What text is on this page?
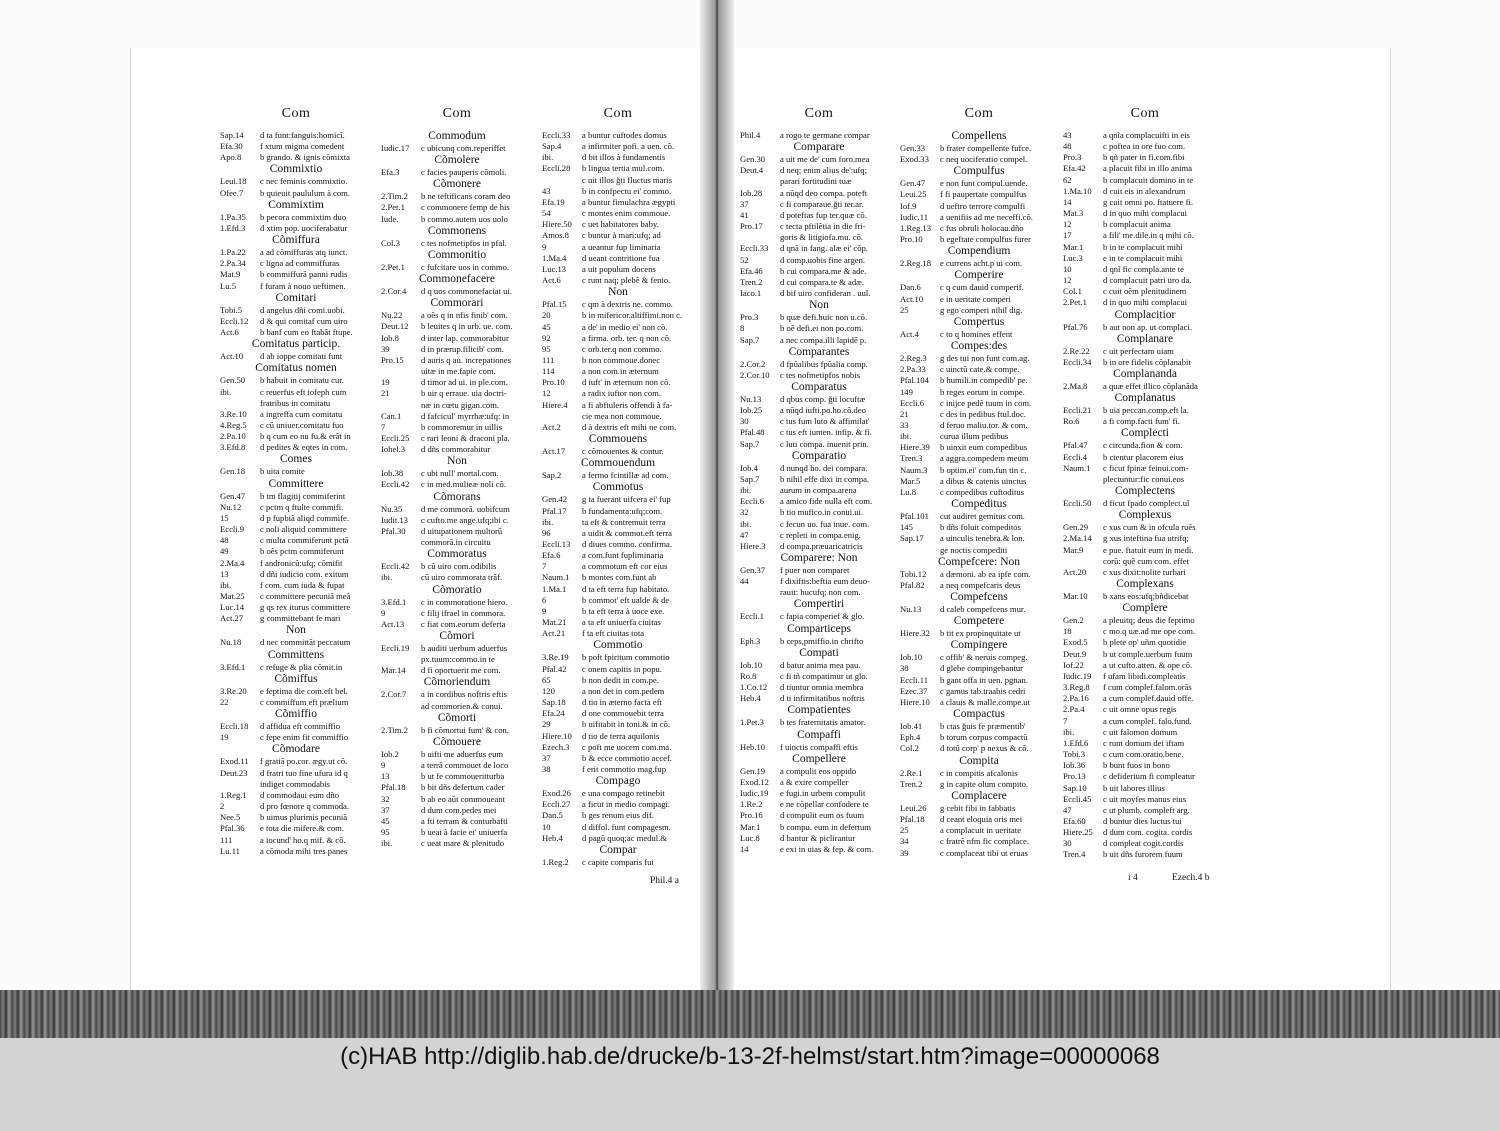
Com
Sap.14	d ta funt:fanguis:homicî.
Efa.30	f xtum migma comedent
Apo.8	b grando. & ignis cõmixta
Commixtio
Leui.18	c nec feminis commixtio.
Ofee.7	b quieuit paululum à com.
Commixtim
1.Pa.35	b pecora commixtim duo
1.Efd.3	d xtim pop. uociferabatur
Cõmiffura
1.Pa.22	a ad cõmiffuras atq iunct.
2.Pa.34	c ligna ad commiffuras
Mat.9	b commiffurã panni rudis
Lu.5	f furam à nouo ueftimen.
Comitari
Tobi.5	d angelus dñi comi.uobi.
Eccli.12	d & qui comitaf cum uiro
Act.6	b banf cum eo ftabât ftupe.
Comitatus particip.
Act.10	d ab ioppe comitati funt
Comitatus nomen
Gen.50	b habuit in comitatu cur.
ibi.	c reuerfus eft iofeph cum
fratribus in comitatu
3.Re.10	a ingreffa cum comitatu
4.Reg.5	c cũ uniuer.comitatu fuo
2.Pa.10	b q cum eo nu fu.& erãt in
3.Efd.8	d pedites & eqtes in com.
Comes
Gen.18	b uita comite
Committere
Gen.47	b tm flagitij commiferint
Nu.12	c pctm q ftulte commifi.
15	d p fupbiã aliqd commife.
Eccli.9	c noli aliquid committere
48	c multa commiferunt pctã
49	b oẽs pctm commiferunt
2.Ma.4	f andronicũ:ufq; cõmifit
13	d dñi iudicio com. exitum
ibi.	f com. cum iuda & fupat
Mat.25	c committere pecuniã meã
Luc.14	g qs rex iturus committere
Act.27	g committebant fe mari
Non
Nu.18	d nec committãt peccatum
Committens
3.Efd.1	c refuge & plia cõmit.in
Cõmiffus
3.Re.20	e feptima die com.eft bel.
22	c commiffum eft prælium
Cõmiffio
Eccli.18	d affidua eft commiffio
19	c fepe enim fit commiffio
Cõmodare
Exod.11	f gratiã po.cor. ægy.ut cõ.
Deut.23	d fratri tuo fine ufura id q
indiget commodabis
1.Reg.1	d commodaui eum dño
2	d pro fœnore q commoda.
Nee.5	b uimus plurimis pecuniã
Pfal.36	e tota die mifere.& com.
111	a iocund' ho.q mif. & cõ.
Lu.11	a cõmoda mihi tres panes
Com
Commodum
Iudic.17	c ubicunq com.reperiffet
Cõmolere
Efa.3	c facies pauperis cõmoli.
Cõmonere
2.Tim.2	b ne teftificans coram deo
2.Pet.1	c commonere femp de his
Iude.	b commo.autem uos uolo
Commonens
Col.3	c tes nofmetipfos in pfal.
Commonitio
2.Pet.1	c fufcitare uos in commo.
Commonefacere
2.Cor.4	d q uos commonefaciat ui.
Commorari
Nu.22	a oẽs q in nfis finib' com.
Deut.12	b leuites q in urb. ue. com.
Iob.8	d inter lap. commorabitur
39	d in prærup.filicib' com.
Pro.15	d auris q au. increpationes
uitæ in me.fapie com.
19	d timor ad ui. in ple.com.
21	b uir q erraue. uia doctri-
næ in cœtu gigan.com.
Can.1	d fafcicul' myrrhæ:ufq: in
7	b commoremur in uillis
Eccli.25	c rari leoni & draconi pla.
Iohel.3	d dñs commorabitur
Non
Iob.38	c ubi null' mortal.com.
Eccli.42	c in med.mulieæ noli cõ.
Cõmorans
Nu.35	d me commorã. uobifcum
Iudit.13	c cufto.me ange.ufq;ibi c.
Pfal.30	d uitupationem multorũ
commorã.in circuitu
Commoratus
Eccli.42	b cũ uiro com.odibilis
ibi.	cũ uiro commorata trãf.
Cõmoratio
3.Efd.1	c in commoratione hiero.
9	c filij ifrael in commora.
Act.13	c fiat com.eorum deferta
Cõmori
Eccli.19	b auditi uerbum aduerfus
px.tuum:commo.in te
Mar.14	d fi oportuerit me com.
Cõmoriendum
2.Cor.7	a in cordibus noftris eftis
ad commorien.& conui.
Cõmorti
2.Tim.2	b fi cõmortui fum' & con.
Cõmouere
Iob.2	b uifti me aduerfus eum
9	a terrã commouet de loco
13	b ut fe commoueritturba
Pfal.18	b bit dñs defertum cader
32	b ab eo aũt commoueant
37	d dum com.pedes mei
45	a fti terram & conturbafti
95	b ueat à facie ei' uniuerfa
ibi.	c ueat mare & plenitudo
Com
Eccli.33	a buntur cuftodes domus
Sap.4	a infirmiter pofi. a uen. cõ.
ibi.	d bit illos à fundamentis
Eccli.28	b lingua tertia mul.com.
c uit illos ğti fluctus maris
43	b in confpectu ei' commo.
Efa.19	a buntur fimulachra ægypti
54	c montes enim commoue.
Hiere.50	c uet habitatores baby.
Amos.8	c buntur à mari:ufq; ad
9	a ueantur fup liminaria
1.Ma.4	d ueant contritione fua
Luc.13	a uit populum docens
Act.6	c runt naq; plebẽ & fenio.
Non
Pfal.15	c qm à dextris ne. commo.
20	b in mifericor.altiffimi.non c.
45	a de' in medio ei' non cõ.
92	a firma. orb. ter. q non cõ.
95	c orb.ter.q non commo.
111	b non commoue.donec
114	a non com.in æternum
Pro.10	d iuft' in æternum non cõ.
12	a radix iuftor non com.
Hiere.4	a fi abftuleris offendi à fa-
cie mea non commoue.
Act.2	d à dextris eft mihi ne com.
Commouens
Act.17	c cõmouentes & contur.
Commouendum
Sap.2	a fermo fcintillæ ad com.
Commotus
Gen.42	g ta fuerant uifcera ei' fup
Pfal.17	b fundamenta:ufq;com.
ibi.	ta eft & contremuit terra
96	a uidit & commot.eft terra
Eccli.13	d diues commo. confirma.
Efa.6	a com.funt fupliminaria
7	a commotum eft cor eius
Naum.1	b montes com.funt ab
1.Ma.1	d ta eft terra fup habitato.
6	b commot' eft ualde & de
9	b ta eft terra à uoce exe.
Mat.21	a ta eft uniuerfa ciuitas
Act.21	f ta eft ciuitas tota
Commotio
3.Re.19	b poft fpiritum commotio
Pfal.42	c onem capitis in popu.
65	b non dedit in com.pe.
120	a non det in com.pedem
Sap.18	d tio in æterno facta eft
Efa.24	d one commouebit terra
29	b uifitabit in toni.& in cõ.
Hiere.10	d tio de terra aquilonis
Ezech.3	c poft me uocem com.ma.
37	b & ecce commotio accef.
38	f erit commotio mag.fup
Compago
Exod.26	e una compago retinebit
Eccli.27	a ficut in medio compagi.
Dan.5	b ges renum eius dif.
10	d diffol. funt compagesm.
Heb.4	d pagũ quoq;ac medul.&
Compar
1.Reg.2	c capite comparis fui
Com
Phil.4	a rogo te germane compar
Comparare
Gen.30	a uit me de' cum foro.mea
Deut.4	d neq; enim alius de':ufq;
parari fortitudini tuæ
Iob.28	a nũqd deo compa. poteft
37	c fi comparaue.ğti ter.ar.
41	d poteftas fup ter.quæ cõ.
Pro.17	c tecta pftilẽtia in die fri-
goris & litigiofa.mu. cõ.
Eccli.33	d qnã in fang. alæ ei' cõp.
52	d comp.uobis fine argen.
Efa.46	b cui compara.me & ade.
Tren.2	d cui compara.te & adæ.
Iaco.1	d bif uiro confideran . uul.
Non
Pro.3	b quæ defi.huic non u.cõ.
8	b oẽ defi.ei non po.com.
Sap.7	a nec compa.illi lapidẽ p.
Comparantes
2.Cor.2	d fpũalibus fpũalia comp.
2.Cor.10	c tes nofmetipfos nobis
Comparatus
Nu.13	d qbus comp. ğti locuftæ
Iob.25	a nũqd iufti.po.ho.cõ.deo
30	c tus fum luto & affimilat'
Pfal.48	c tus eft iumen. infip. & fi.
Sap.7	c luti compa. inuenit prin.
Comparatio
Iob.4	d nunqd ho. dei compara.
Sap.7	b nihil effe dixi in compa.
ibi.	aurum in compa.arena
Eccli.6	a amico fide nulla eft com.
32	b tio mufico.in conui.ui.
ibi.	c fecun uo. fua inue. com.
47	c repleti in compa.enig.
Hiere.3	d compa.præuaricatricis
Comparere: Non
Gen.37	f puer non comparet
44	f dixiftis:beftia eum deuo-
rauit: hucufq; non com.
Compertiri
Eccli.1	c fapia comperief & glo.
Comparticeps
Eph.3	b ceps,pmiffio.in chrifto
Compati
Iob.10	d batur anima mea pau.
Ro.8	c fi tñ compatimur ut glo.
1.Co.12	d tiuntur omnia membra
Heb.4	d ti infirmitatibus noftris
Compatientes
1.Pet.3	b tes fraternitatis amator.
Compaffi
Heb.10	f uinctis compaffi eftis
Compellere
Gen.19	a compulit eos oppido
Exod.12	a & exire compeller
Iudic.19	e fugi.in urbem compulit
1.Re.2	e ne cõpellar confodere te
Pro.16	d compulit eum os fuum
Mar.1	b compu. eum in defertum
Luc.8	d bantur & piclirantur
14	e exi in uias & fep. & com.
Com
Compellens
Gen.33	b frater compellente fufce.
Exod.33	c neq uociferatio compel.
Compulfus
Gen.47	e non funt compul.uende.
Leui.25	f fi paupertate compulfus
Iof.9	d ueftro terrore compulfi
Iudic.11	a uenifiis ad me neceffi.cõ.
1.Reg.13	c fus obruli holocau.dño
Pro.10	b egeftate compulfus furer
Compendium
2.Reg.18	e currens acht.p ui com.
Comperire
Dan.6	c q cum dauid comperif.
Act.10	e in ueritate comperi
25	g ego comperi nihil dig.
Compertus
Act.4	c to q homines effent
Compes:des
2.Reg.3	g des tui non funt com.ag.
2.Pa.33	c uinctũ cate.& compe.
Pfal.104	b humili.in compedib' pe.
149	b reges eorum in compe.
Eccli.6	c inijce pedẽ tuum in com.
21	c des in pedibus ftul.doc.
33	d feruo maliu.tor. & com.
ibi.	curua illum pedibus
Hiere.39	b uinxit eum compedibus
Tren.3	a aggra.compedem meum
Naum.3	b optim.ei' com.fun tin c.
Mar.5	a dibus & catenis uinctus
Lu.8	c compedibus cuftoditus
Compeditus
Pfal.101	cut audiret gemitus com.
145	b dñs foluit compeditos
Sap.17	a uinculis tenebra.& lon.
ge noctis compediti
Compefcere: Non
Tobi.12	a dæmoni. ab ea ipfe com.
Pfal.82	a neq compefcaris deus
Compefcens
Nu.13	d caleb compefcens mur.
Competere
Hiere.32	b tit ex propinquitate ut
Compingere
Iob.10	c offib' & neruis compeg.
38	d glebe compingebantur
Eccli.11	b gant offa in uen. pgnan.
Ezec.37	c gamus tab.traabis cedri
Hiere.10	a clauis & malle.compe.ut
Compactus
Iob.41	b ctas ğuis fe præmentib'
Eph.4	b torum corpus compactũ
Col.2	d totũ corp' p nexus & cõ.
Compita
2.Re.1	c in compitis afcalonis
Tren.2	g in capite olum compito.
Complacere
Leui.26	g cebit fibi in fabbatis
Pfal.18	d ceant eloquia oris mei
25	a complacuit in ueritate
34	c fratrẽ nfm fic complace.
39	c complaceat tibi ut eruas
Com
43	a qnĩa complacuifti in eis
48	c poftea in ore fuo com.
Pro.3	b qñ pater in fi.com.fibi
Efa.42	a placuit fibi in illo anima
62	b complacuit domino in te
1.Ma.10	d cuit eis in alexandrum
14	g cuit omni po. ftatuere fi.
Mat.3	d in quo mihi complacui
12	b complacuit anima
17	a fili' me.dile.in q mihi cõ.
Mar.1	b in te complacuit mihi
Luc.3	e in te complacuit mihi
10	d qnĩ fic compla.ante te
12	d complacuit patri uro da.
Col.1	c cuit oẽm plenitudinem
2.Pet.1	d in quo mihi complacui
Complacitior
Pfal.76	b aut non ap. ut complaci.
Complanare
2.Re.22	c uit perfectam uiam
Eccli.34	b in ore fidelis cõplanabit
Complananda
2.Ma.8	a quæ effet illico cõplanãda
Complanatus
Eccli.21	b uia peccan.comp.eft la.
Ro.6	a fi comp.facti fum' fi.
Complecti
Pfal.47	c circunda.fion & com.
Eccli.4	b ctentur placorem eius
Naum.1	c ficut fpinæ feinui.com-
plectuntur:fic conui.eos
Complectens
Eccli.50	d ficut fpado complect.uĩ
Complexus
Gen.29	c xus cum & in ofcula ruẽs
2.Ma.14	g xus inteftina fua utrifq;
Mar.9	e pue. ftatuit eum in medi.
corũ: quẽ cum com. effet
Act.20	c xus dixit:nolite turbari
Complexans
Mar.10	b xans eos:ufq;bñdicebat
Complere
Gen.2	a pleuitq; deus die feptimo
18	c mo.q uæ.ad me ope com.
Exod.5	b plete op' uñm quotidie
Deut.9	b ut comple.uerbum fuum
Iof.22	a ut cufto.atten. & ope cõ.
Iudic.19	f ufam libidi.compleatis
3.Reg.8	f cum complef.falom.orãs
2.Pa.16	a cum complef.dauid offe.
2.Pa.4	c uit omne opus regis
7	a cum complef. falo.fund.
ibi.	c uit falomon domum
1.Efd.6	c runt domum dei iftam
Tobi.3	c cum com.oratio.bene.
Iob.36	b bunt fuos in bono
Pro.13	c defiderium fi compleatur
Sap.10	b uit labores illius
Eccli.45	c uit moyfes manus eius
47	c ut plumb. compleft arg.
Efa.60	d buntur dies luctus tui
Hiere.25	d dum com. cogita. cordis
30	d compleat cogit.cordis
Tren.4	b uit dñs furorem fuum
Phil.4 a	i 4	Ezech.4 b
(c)HAB http://diglib.hab.de/drucke/b-13-2f-helmst/start.htm?image=00000068
